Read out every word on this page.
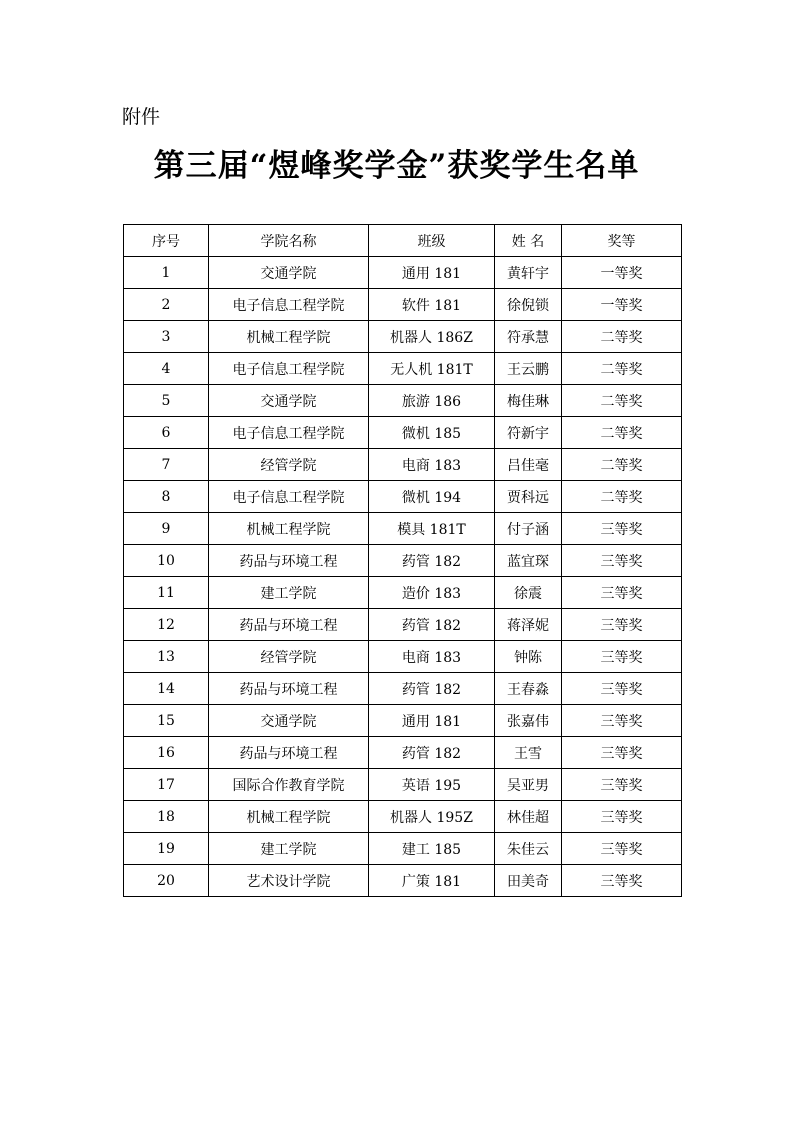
附件
第三届“煜峰奖学金”获奖学生名单
序号	学院名称	班级	姓 名	奖等
1	交通学院	通用 181	黄轩宇	一等奖
2	电子信息工程学院	软件 181	徐倪锁	一等奖
3	机械工程学院	机器人 186Z	符承慧	二等奖
4	电子信息工程学院	无人机 181T	王云鹏	二等奖
5	交通学院	旅游 186	梅佳琳	二等奖
6	电子信息工程学院	微机 185	符新宇	二等奖
7	经管学院	电商 183	吕佳毫	二等奖
8	电子信息工程学院	微机 194	贾科远	二等奖
9	机械工程学院	模具 181T	付子涵	三等奖
10	药品与环境工程	药管 182	蓝宜琛	三等奖
11	建工学院	造价 183	徐震	三等奖
12	药品与环境工程	药管 182	蒋泽妮	三等奖
13	经管学院	电商 183	钟陈	三等奖
14	药品与环境工程	药管 182	王春淼	三等奖
15	交通学院	通用 181	张嘉伟	三等奖
16	药品与环境工程	药管 182	王雪	三等奖
17	国际合作教育学院	英语 195	吴亚男	三等奖
18	机械工程学院	机器人 195Z	林佳超	三等奖
19	建工学院	建工 185	朱佳云	三等奖
20	艺术设计学院	广策 181	田美奇	三等奖
